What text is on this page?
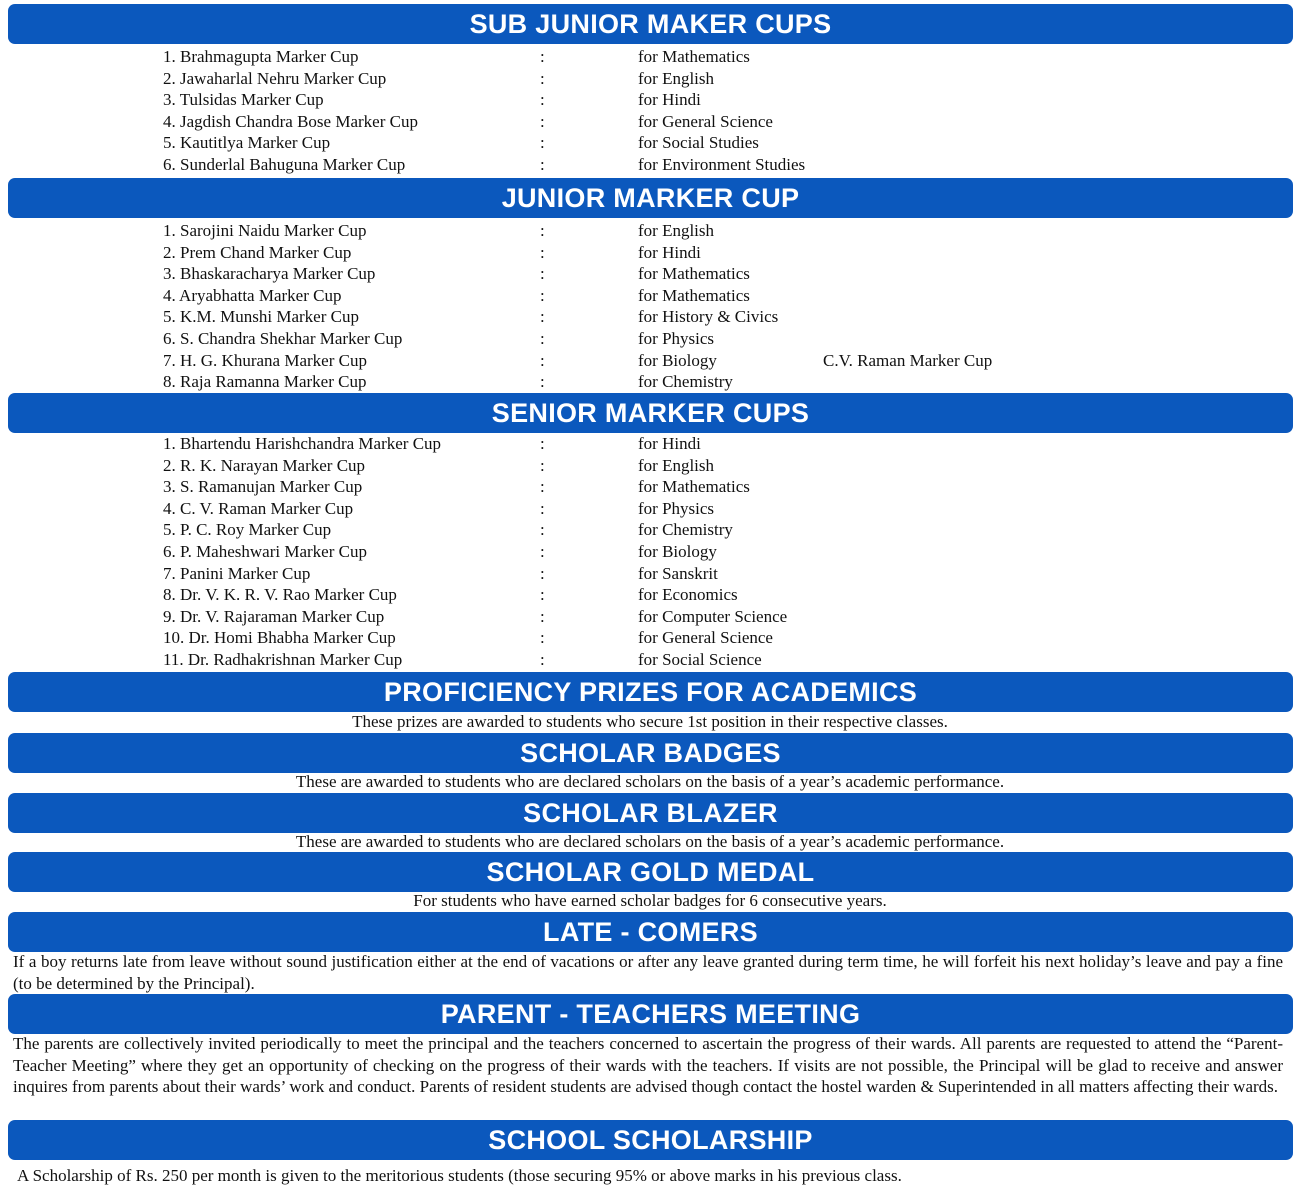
SUB JUNIOR MAKER CUPS
1. Brahmagupta Marker Cup	:	for Mathematics
2. Jawaharlal Nehru Marker Cup	:	for English
3. Tulsidas Marker Cup	:	for Hindi
4. Jagdish Chandra Bose Marker Cup	:	for General Science
5. Kautitlya Marker Cup	:	for Social Studies
6. Sunderlal Bahuguna Marker Cup	:	for Environment Studies
JUNIOR MARKER CUP
1. Sarojini Naidu Marker Cup	:	for English
2. Prem Chand Marker Cup	:	for Hindi
3. Bhaskaracharya Marker Cup	:	for Mathematics
4. Aryabhatta Marker Cup	:	for Mathematics
5. K.M. Munshi Marker Cup	:	for History & Civics
6. S. Chandra Shekhar Marker Cup	:	for Physics
7. H. G. Khurana Marker Cup	:	for Biology	C.V. Raman Marker Cup
8. Raja Ramanna Marker Cup	:	for Chemistry
SENIOR MARKER CUPS
1. Bhartendu Harishchandra Marker Cup	:	for Hindi
2. R. K. Narayan Marker Cup	:	for English
3. S. Ramanujan Marker Cup	:	for Mathematics
4. C. V. Raman Marker Cup	:	for Physics
5. P. C. Roy Marker Cup	:	for Chemistry
6. P. Maheshwari Marker Cup	:	for Biology
7. Panini Marker Cup	:	for Sanskrit
8. Dr. V. K. R. V. Rao Marker Cup	:	for Economics
9. Dr. V. Rajaraman Marker Cup	:	for Computer Science
10. Dr. Homi Bhabha Marker Cup	:	for General Science
11. Dr. Radhakrishnan Marker Cup	:	for Social Science
PROFICIENCY PRIZES FOR ACADEMICS
These prizes are awarded to students who secure 1st position in their respective classes.
SCHOLAR BADGES
These are awarded to students who are declared scholars on the basis of a year’s academic performance.
SCHOLAR BLAZER
These are awarded to students who are declared scholars on the basis of a year’s academic performance.
SCHOLAR GOLD MEDAL
For students who have earned scholar badges for 6 consecutive years.
LATE - COMERS
If a boy returns late from leave without sound justification either at the end of vacations or after any leave granted during term time, he will forfeit his next holiday’s leave and pay a fine (to be determined by the Principal).
PARENT - TEACHERS MEETING
The parents are collectively invited periodically to meet the principal and the teachers concerned to ascertain the progress of their wards. All parents are requested to attend the “Parent-Teacher Meeting” where they get an opportunity of checking on the progress of their wards with the teachers. If visits are not possible, the Principal will be glad to receive and answer inquires from parents about their wards’ work and conduct. Parents of resident students are advised though contact the hostel warden & Superintended in all matters affecting their wards.
SCHOOL SCHOLARSHIP
A Scholarship of Rs. 250 per month is given to the meritorious students (those securing 95% or above marks in his previous class.
